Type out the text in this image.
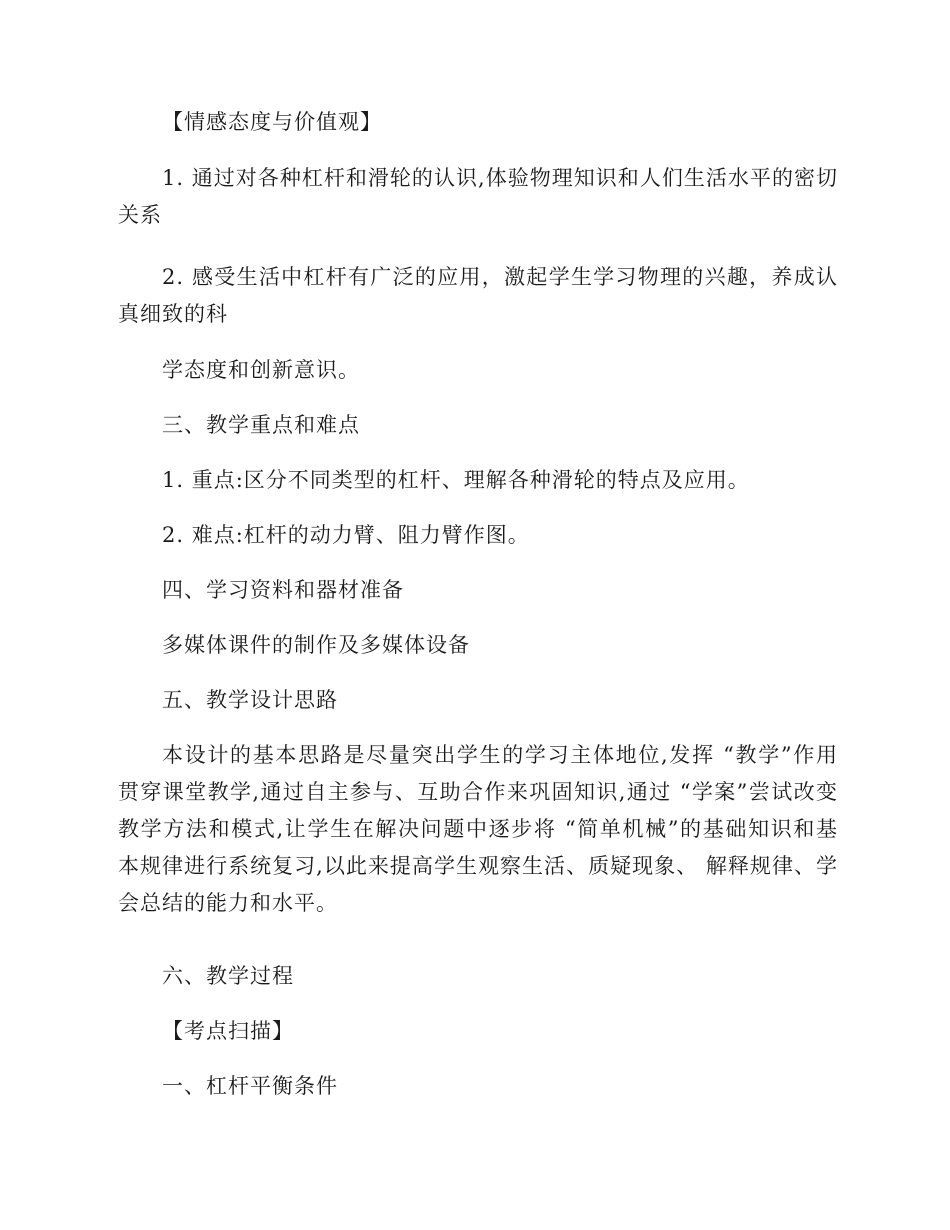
【情感态度与价值观】
1. 通过对各种杠杆和滑轮的认识,体验物理知识和人们生活水平的密切关系
2. 感受生活中杠杆有广泛的应用，激起学生学习物理的兴趣，养成认真细致的科
学态度和创新意识。
三、教学重点和难点
1. 重点:区分不同类型的杠杆、理解各种滑轮的特点及应用。
2. 难点:杠杆的动力臂、阻力臂作图。
四、学习资料和器材准备
多媒体课件的制作及多媒体设备
五、教学设计思路
本设计的基本思路是尽量突出学生的学习主体地位,发挥 “教学”作用贯穿课堂教学,通过自主参与、互助合作来巩固知识,通过 “学案”尝试改变教学方法和模式,让学生在解决问题中逐步将 “简单机械”的基础知识和基本规律进行系统复习,以此来提高学生观察生活、质疑现象、 解释规律、学会总结的能力和水平。
六、教学过程
【考点扫描】
一、杠杆平衡条件
